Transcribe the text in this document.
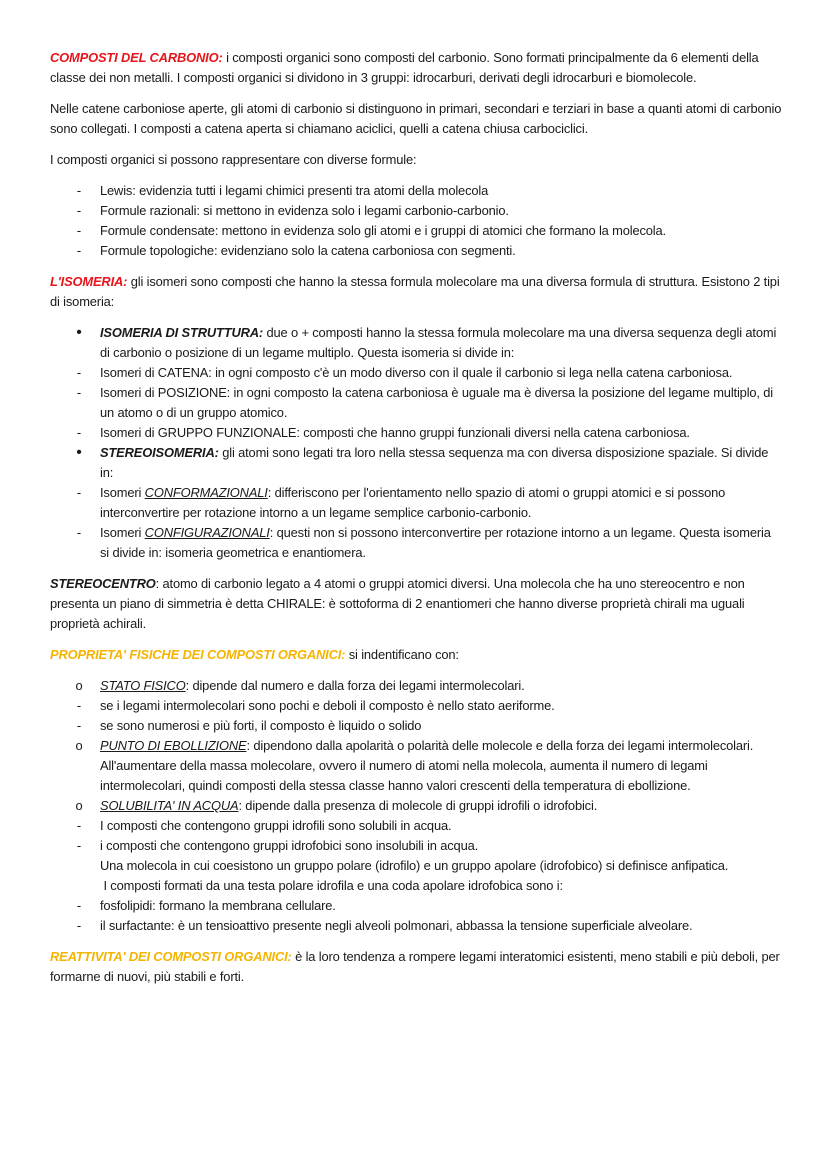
COMPOSTI DEL CARBONIO: i composti organici sono composti del carbonio. Sono formati principalmente da 6 elementi della classe dei non metalli. I composti organici si dividono in 3 gruppi: idrocarburi, derivati degli idrocarburi e biomolecole.

Nelle catene carboniose aperte, gli atomi di carbonio si distinguono in primari, secondari e terziari in base a quanti atomi di carbonio sono collegati. I composti a catena aperta si chiamano aciclici, quelli a catena chiusa carbociclici.

I composti organici si possono rappresentare con diverse formule:

-	Lewis: evidenzia tutti i legami chimici presenti tra atomi della molecola
-	Formule razionali: si mettono in evidenza solo i legami carbonio-carbonio.
-	Formule condensate: mettono in evidenza solo gli atomi e i gruppi di atomici che formano la molecola.
-	Formule topologiche: evidenziano solo la catena carboniosa con segmenti.

L'ISOMERIA: gli isomeri sono composti che hanno la stessa formula molecolare ma una diversa formula di struttura. Esistono 2 tipi di isomeria:

•	ISOMERIA DI STRUTTURA: due o + composti hanno la stessa formula molecolare ma una diversa sequenza degli atomi di carbonio o posizione di un legame multiplo. Questa isomeria si divide in:
-	Isomeri di CATENA: in ogni composto c'è un modo diverso con il quale il carbonio si lega nella catena carboniosa.
-	Isomeri di POSIZIONE: in ogni composto la catena carboniosa è uguale ma è diversa la posizione del legame multiplo, di un atomo o di un gruppo atomico.
-	Isomeri di GRUPPO FUNZIONALE: composti che hanno gruppi funzionali diversi nella catena carboniosa.
•	STEREOISOMERIA: gli atomi sono legati tra loro nella stessa sequenza ma con diversa disposizione spaziale. Si divide in:
-	Isomeri CONFORMAZIONALI: differiscono per l'orientamento nello spazio di atomi o gruppi atomici e si possono interconvertire per rotazione intorno a un legame semplice carbonio-carbonio.
-	Isomeri CONFIGURAZIONALI: questi non si possono interconvertire per rotazione intorno a un legame. Questa isomeria si divide in: isomeria geometrica e enantiomera.

STEREOCENTRO: atomo di carbonio legato a 4 atomi o gruppi atomici diversi. Una molecola che ha uno stereocentro e non presenta un piano di simmetria è detta CHIRALE: è sottoforma di 2 enantiomeri che hanno diverse proprietà chirali ma uguali proprietà achirali.

PROPRIETA' FISICHE DEI COMPOSTI ORGANICI: si indentificano con:

o STATO FISICO: dipende dal numero e dalla forza dei legami intermolecolari.
-	se i legami intermolecolari sono pochi e deboli il composto è nello stato aeriforme.
-	se sono numerosi e più forti, il composto è liquido o solido
o PUNTO DI EBOLLIZIONE: dipendono dalla apolarità o polarità delle molecole e della forza dei legami intermolecolari. All'aumentare della massa molecolare, ovvero il numero di atomi nella molecola, aumenta il numero di legami intermolecolari, quindi composti della stessa classe hanno valori crescenti della temperatura di ebollizione.
o SOLUBILITA' IN ACQUA: dipende dalla presenza di molecole di gruppi idrofili o idrofobici.
-	I composti che contengono gruppi idrofili sono solubili in acqua.
-	i composti che contengono gruppi idrofobici sono insolubili in acqua.
Una molecola in cui coesistono un gruppo polare (idrofilo) e un gruppo apolare (idrofobico) si definisce anfipatica.
I composti formati da una testa polare idrofila e una coda apolare idrofobica sono i:
-	fosfolipidi: formano la membrana cellulare.
-	il surfactante: è un tensioattivo presente negli alveoli polmonari, abbassa la tensione superficiale alveolare.

REATTIVITA' DEI COMPOSTI ORGANICI: è la loro tendenza a rompere legami interatomici esistenti, meno stabili e più deboli, per formarne di nuovi, più stabili e forti.
